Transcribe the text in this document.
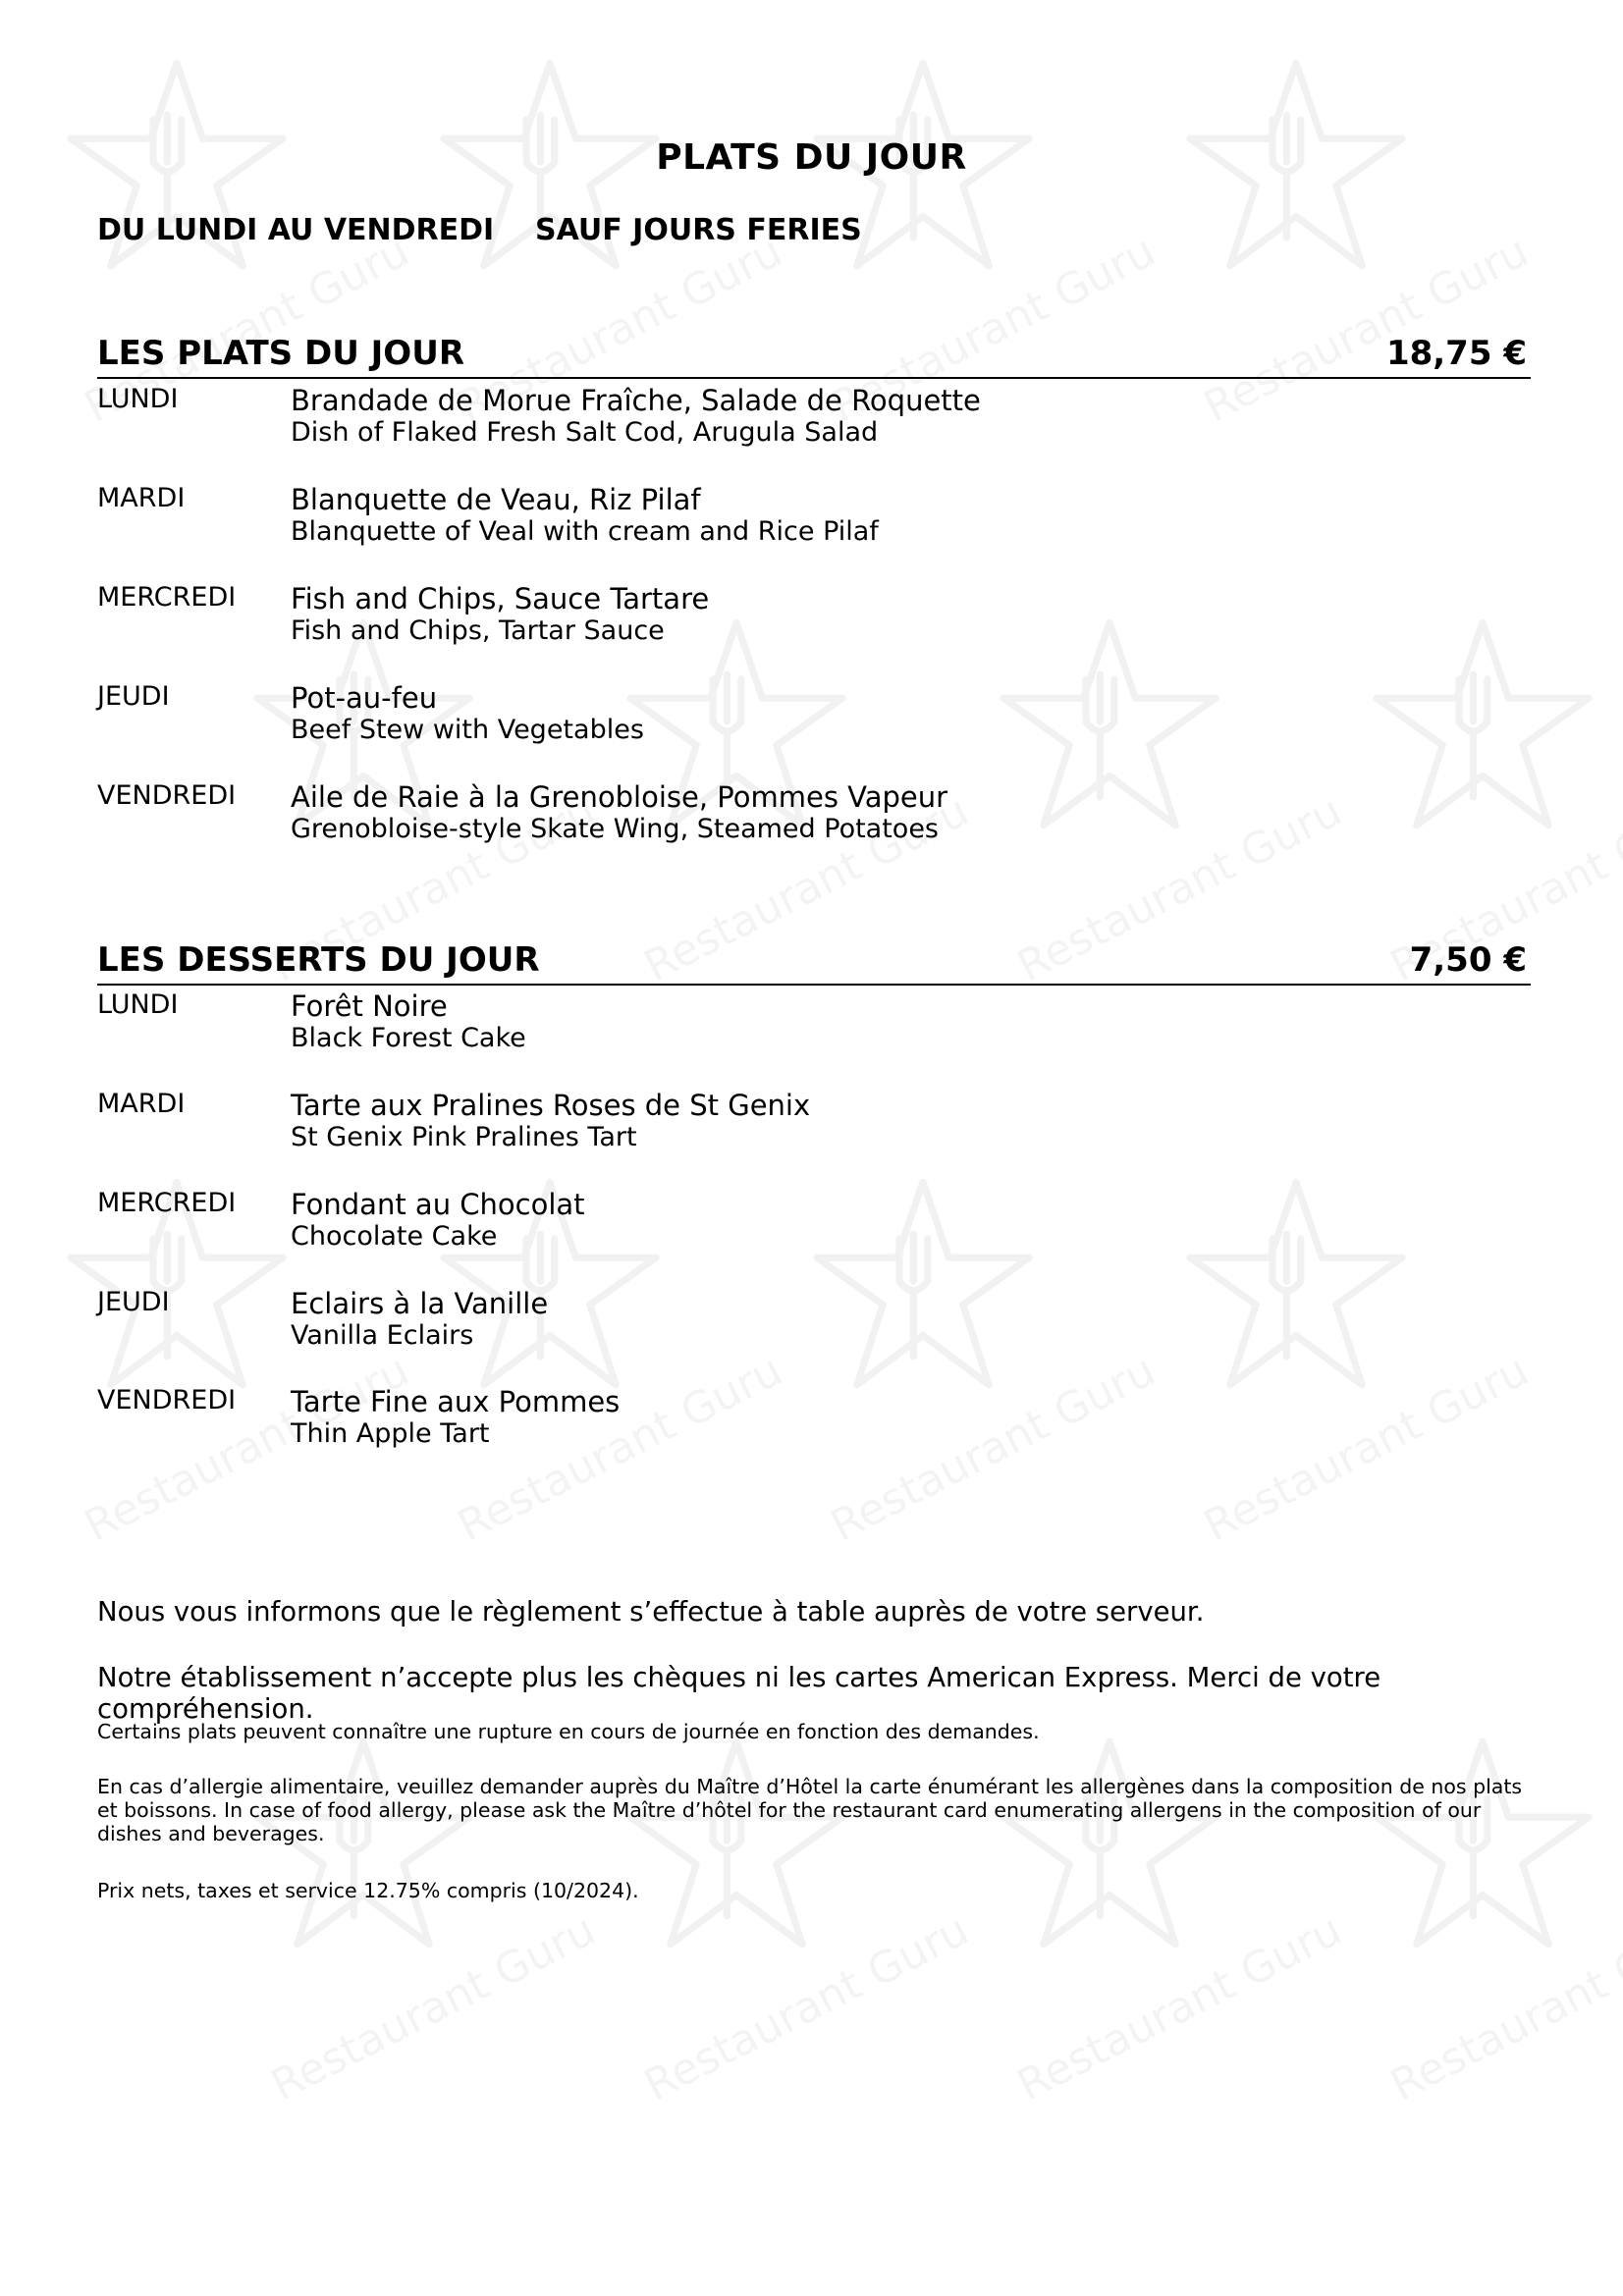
PLATS DU JOUR
DU LUNDI AU VENDREDI    SAUF JOURS FERIES
LES PLATS DU JOUR	18,75 €
LUNDI	Brandade de Morue Fraîche, Salade de Roquette
Dish of Flaked Fresh Salt Cod, Arugula Salad
MARDI	Blanquette de Veau, Riz Pilaf
Blanquette of Veal with cream and Rice Pilaf
MERCREDI Fish and Chips, Sauce Tartare
Fish and Chips, Tartar Sauce
JEUDI	Pot-au-feu
Beef Stew with Vegetables
VENDREDI Aile de Raie à la Grenobloise, Pommes Vapeur
Grenobloise-style Skate Wing, Steamed Potatoes
LES DESSERTS DU JOUR	7,50 €
LUNDI	Forêt Noire
Black Forest Cake
MARDI	Tarte aux Pralines Roses de St Genix
St Genix Pink Pralines Tart
MERCREDI Fondant au Chocolat
Chocolate Cake
JEUDI	Eclairs à la Vanille
Vanilla Eclairs
VENDREDI Tarte Fine aux Pommes
Thin Apple Tart
Nous vous informons que le règlement s’effectue à table auprès de votre serveur.
Notre établissement n’accepte plus les chèques ni les cartes American Express. Merci de votre compréhension.
Certains plats peuvent connaître une rupture en cours de journée en fonction des demandes.
En cas d’allergie alimentaire, veuillez demander auprès du Maître d’Hôtel la carte énumérant les allergènes dans la composition de nos plats et boissons. In case of food allergy, please ask the Maître d’hôtel for the restaurant card enumerating allergens in the composition of our dishes and beverages.
Prix nets, taxes et service 12.75% compris (10/2024).
